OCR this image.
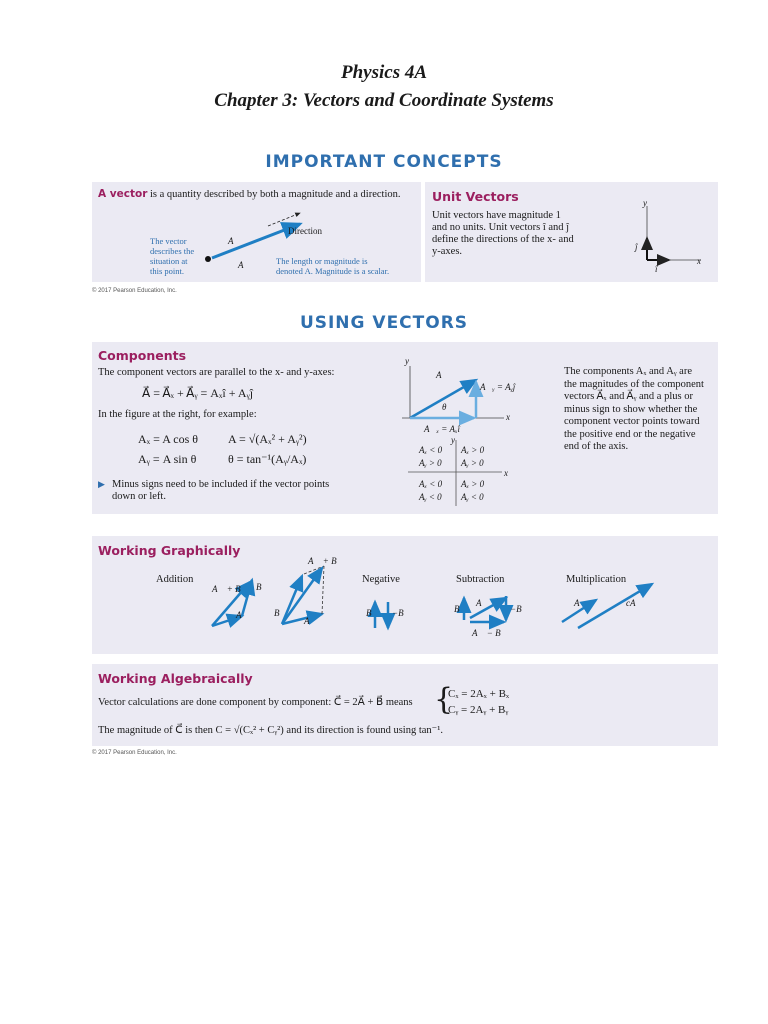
Physics 4A
Chapter 3: Vectors and Coordinate Systems
IMPORTANT CONCEPTS
A vector is a quantity described by both a magnitude and a direction.
Direction
A
A
The vector
describes the
situation at
this point.
The length or magnitude is
denoted A. Magnitude is a scalar.
Unit Vectors
Unit vectors have magnitude 1
and no units. Unit vectors î and ĵ
define the directions of the x- and
y-axes.
y
x
ĵ
î
© 2017 Pearson Education, Inc.
USING VECTORS
Components
The component vectors are parallel to the x- and y-axes:
A⃗ = A⃗ₓ + A⃗ᵧ = Aₓî + Aᵧĵ
In the figure at the right, for example:
Aₓ = A cos θ	A = √(Aₓ² + Aᵧ²)
Aᵧ = A sin θ	θ = tan⁻¹(Aᵧ/Aₓ)
▶ Minus signs need to be included if the vector points
down or left.
y
x
A⃗
θ
A⃗ᵧ = Aᵧĵ
A⃗ₓ = Aₓî
y
x
Aₓ < 0 Aₓ > 0
Aᵧ > 0 Aᵧ > 0
Aₓ < 0 Aₓ > 0
Aᵧ < 0 Aᵧ < 0
The components Aₓ and Aᵧ are
the magnitudes of the component
vectors A⃗ₓ and A⃗ᵧ and a plus or
minus sign to show whether the
component vector points toward
the positive end or the negative
end of the axis.
Working Graphically
Addition	Negative	Subtraction	Multiplication
A⃗ + B⃗ B⃗
A⃗
A⃗ + B⃗
B⃗
A⃗
B⃗ −B⃗	B⃗
A⃗
−B⃗
A⃗ − B⃗
A⃗	cA⃗
Working Algebraically
Vector calculations are done component by component: C⃗ = 2A⃗ + B⃗ means {
Cₓ = 2Aₓ + Bₓ
Cᵧ = 2Aᵧ + Bᵧ
The magnitude of C⃗ is then C = √(Cₓ² + Cᵧ²) and its direction is found using tan⁻¹.
© 2017 Pearson Education, Inc.
